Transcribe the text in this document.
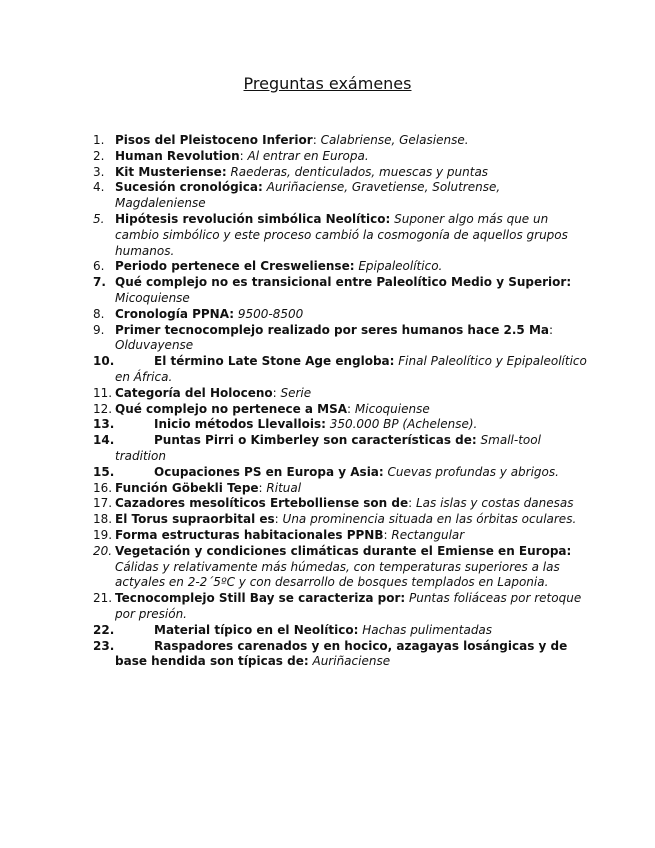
Preguntas exámenes
1. Pisos del Pleistoceno Inferior: Calabriense, Gelasiense.
2. Human Revolution: Al entrar en Europa.
3. Kit Musteriense: Raederas, denticulados, muescas y puntas
4. Sucesión cronológica: Auriñaciense, Gravetiense, Solutrense, Magdaleniense
5. Hipótesis revolución simbólica Neolítico: Suponer algo más que un cambio simbólico y este proceso cambió la cosmogonía de aquellos grupos humanos.
6. Periodo pertenece el Cresweliense: Epipaleolítico.
7. Qué complejo no es transicional entre Paleolítico Medio y Superior: Micoquiense
8. Cronología PPNA: 9500-8500
9. Primer tecnocomplejo realizado por seres humanos hace 2.5 Ma: Olduvayense
10.	El término Late Stone Age engloba: Final Paleolítico y Epipaleolítico en África.
11. Categoría del Holoceno: Serie
12. Qué complejo no pertenece a MSA: Micoquiense
13.	Inicio métodos Llevallois: 350.000 BP (Achelense).
14.	Puntas Pirri o Kimberley son características de: Small-tool tradition
15.	Ocupaciones PS en Europa y Asia: Cuevas profundas y abrigos.
16. Función Göbekli Tepe: Ritual
17. Cazadores mesolíticos Ertebolliense son de: Las islas y costas danesas
18. El Torus supraorbital es: Una prominencia situada en las órbitas oculares.
19. Forma estructuras habitacionales PPNB: Rectangular
20. Vegetación y condiciones climáticas durante el Emiense en Europa: Cálidas y relativamente más húmedas, con temperaturas superiores a las actyales en 2-2´5ºC y con desarrollo de bosques templados en Laponia.
21. Tecnocomplejo Still Bay se caracteriza por: Puntas foliáceas por retoque por presión.
22.	Material típico en el Neolítico: Hachas pulimentadas
23.	Raspadores carenados y en hocico, azagayas losángicas y de base hendida son típicas de: Auriñaciense
